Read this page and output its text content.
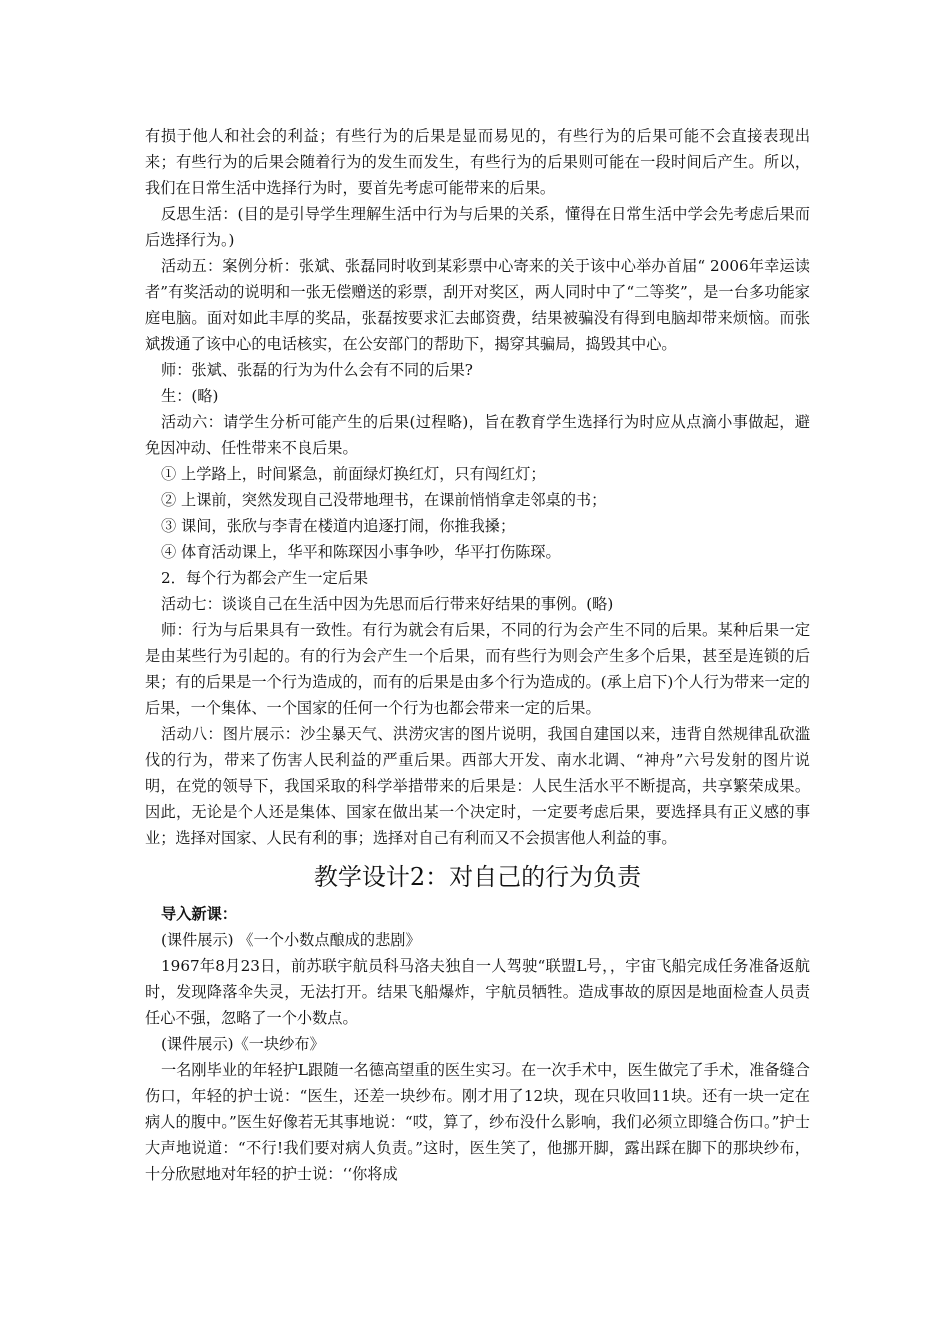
有损于他人和社会的利益；有些行为的后果是显而易见的，有些行为的后果可能不会直接表现出来；有些行为的后果会随着行为的发生而发生，有些行为的后果则可能在一段时间后产生。所以，我们在日常生活中选择行为时，要首先考虑可能带来的后果。

反思生活：(目的是引导学生理解生活中行为与后果的关系，懂得在日常生活中学会先考虑后果而后选择行为。)

活动五：案例分析：张斌、张磊同时收到某彩票中心寄来的关于该中心举办首届“ 2006年幸运读者”有奖活动的说明和一张无偿赠送的彩票，刮开对奖区，两人同时中了“二等奖”，是一台多功能家庭电脑。面对如此丰厚的奖品，张磊按要求汇去邮资费，结果被骗没有得到电脑却带来烦恼。而张斌拨通了该中心的电话核实，在公安部门的帮助下，揭穿其骗局，捣毁其中心。

师：张斌、张磊的行为为什么会有不同的后果?

生：(略)

活动六：请学生分析可能产生的后果(过程略)，旨在教育学生选择行为时应从点滴小事做起，避免因冲动、任性带来不良后果。

① 上学路上，时间紧急，前面绿灯换红灯，只有闯红灯；

② 上课前，突然发现自己没带地理书，在课前悄悄拿走邻桌的书；

③ 课间，张欣与李青在楼道内追逐打闹，你推我搡；

④ 体育活动课上，华平和陈琛因小事争吵，华平打伤陈琛。

2．每个行为都会产生一定后果

活动七：谈谈自己在生活中因为先思而后行带来好结果的事例。(略)

师：行为与后果具有一致性。有行为就会有后果，不同的行为会产生不同的后果。某种后果一定是由某些行为引起的。有的行为会产生一个后果，而有些行为则会产生多个后果，甚至是连锁的后果；有的后果是一个行为造成的，而有的后果是由多个行为造成的。(承上启下)个人行为带来一定的后果，一个集体、一个国家的任何一个行为也都会带来一定的后果。

活动八：图片展示：沙尘暴天气、洪涝灾害的图片说明，我国自建国以来，违背自然规律乱砍滥伐的行为，带来了伤害人民利益的严重后果。西部大开发、南水北调、“神舟”六号发射的图片说明，在党的领导下，我国采取的科学举措带来的后果是：人民生活水平不断提高，共享繁荣成果。因此，无论是个人还是集体、国家在做出某一个决定时，一定要考虑后果，要选择具有正义感的事业；选择对国家、人民有利的事；选择对自己有利而又不会损害他人利益的事。

教学设计2：对自己的行为负责

导入新课：

(课件展示) 《一个小数点酿成的悲剧》

1967年8月23日，前苏联宇航员科马洛夫独自一人驾驶“联盟L号，，宇宙飞船完成任务准备返航时，发现降落伞失灵，无法打开。结果飞船爆炸，宇航员牺牲。造成事故的原因是地面检查人员责任心不强，忽略了一个小数点。

(课件展示)《一块纱布》

一名刚毕业的年轻护L跟随一名德高望重的医生实习。在一次手术中，医生做完了手术，准备缝合伤口，年轻的护士说：“医生，还差一块纱布。刚才用了12块，现在只收回11块。还有一块一定在病人的腹中。”医生好像若无其事地说：“哎，算了，纱布没什么影响，我们必须立即缝合伤口。”护士大声地说道：“不行!我们要对病人负责。”这时，医生笑了，他挪开脚，露出踩在脚下的那块纱布，十分欣慰地对年轻的护士说：‘‘你将成
